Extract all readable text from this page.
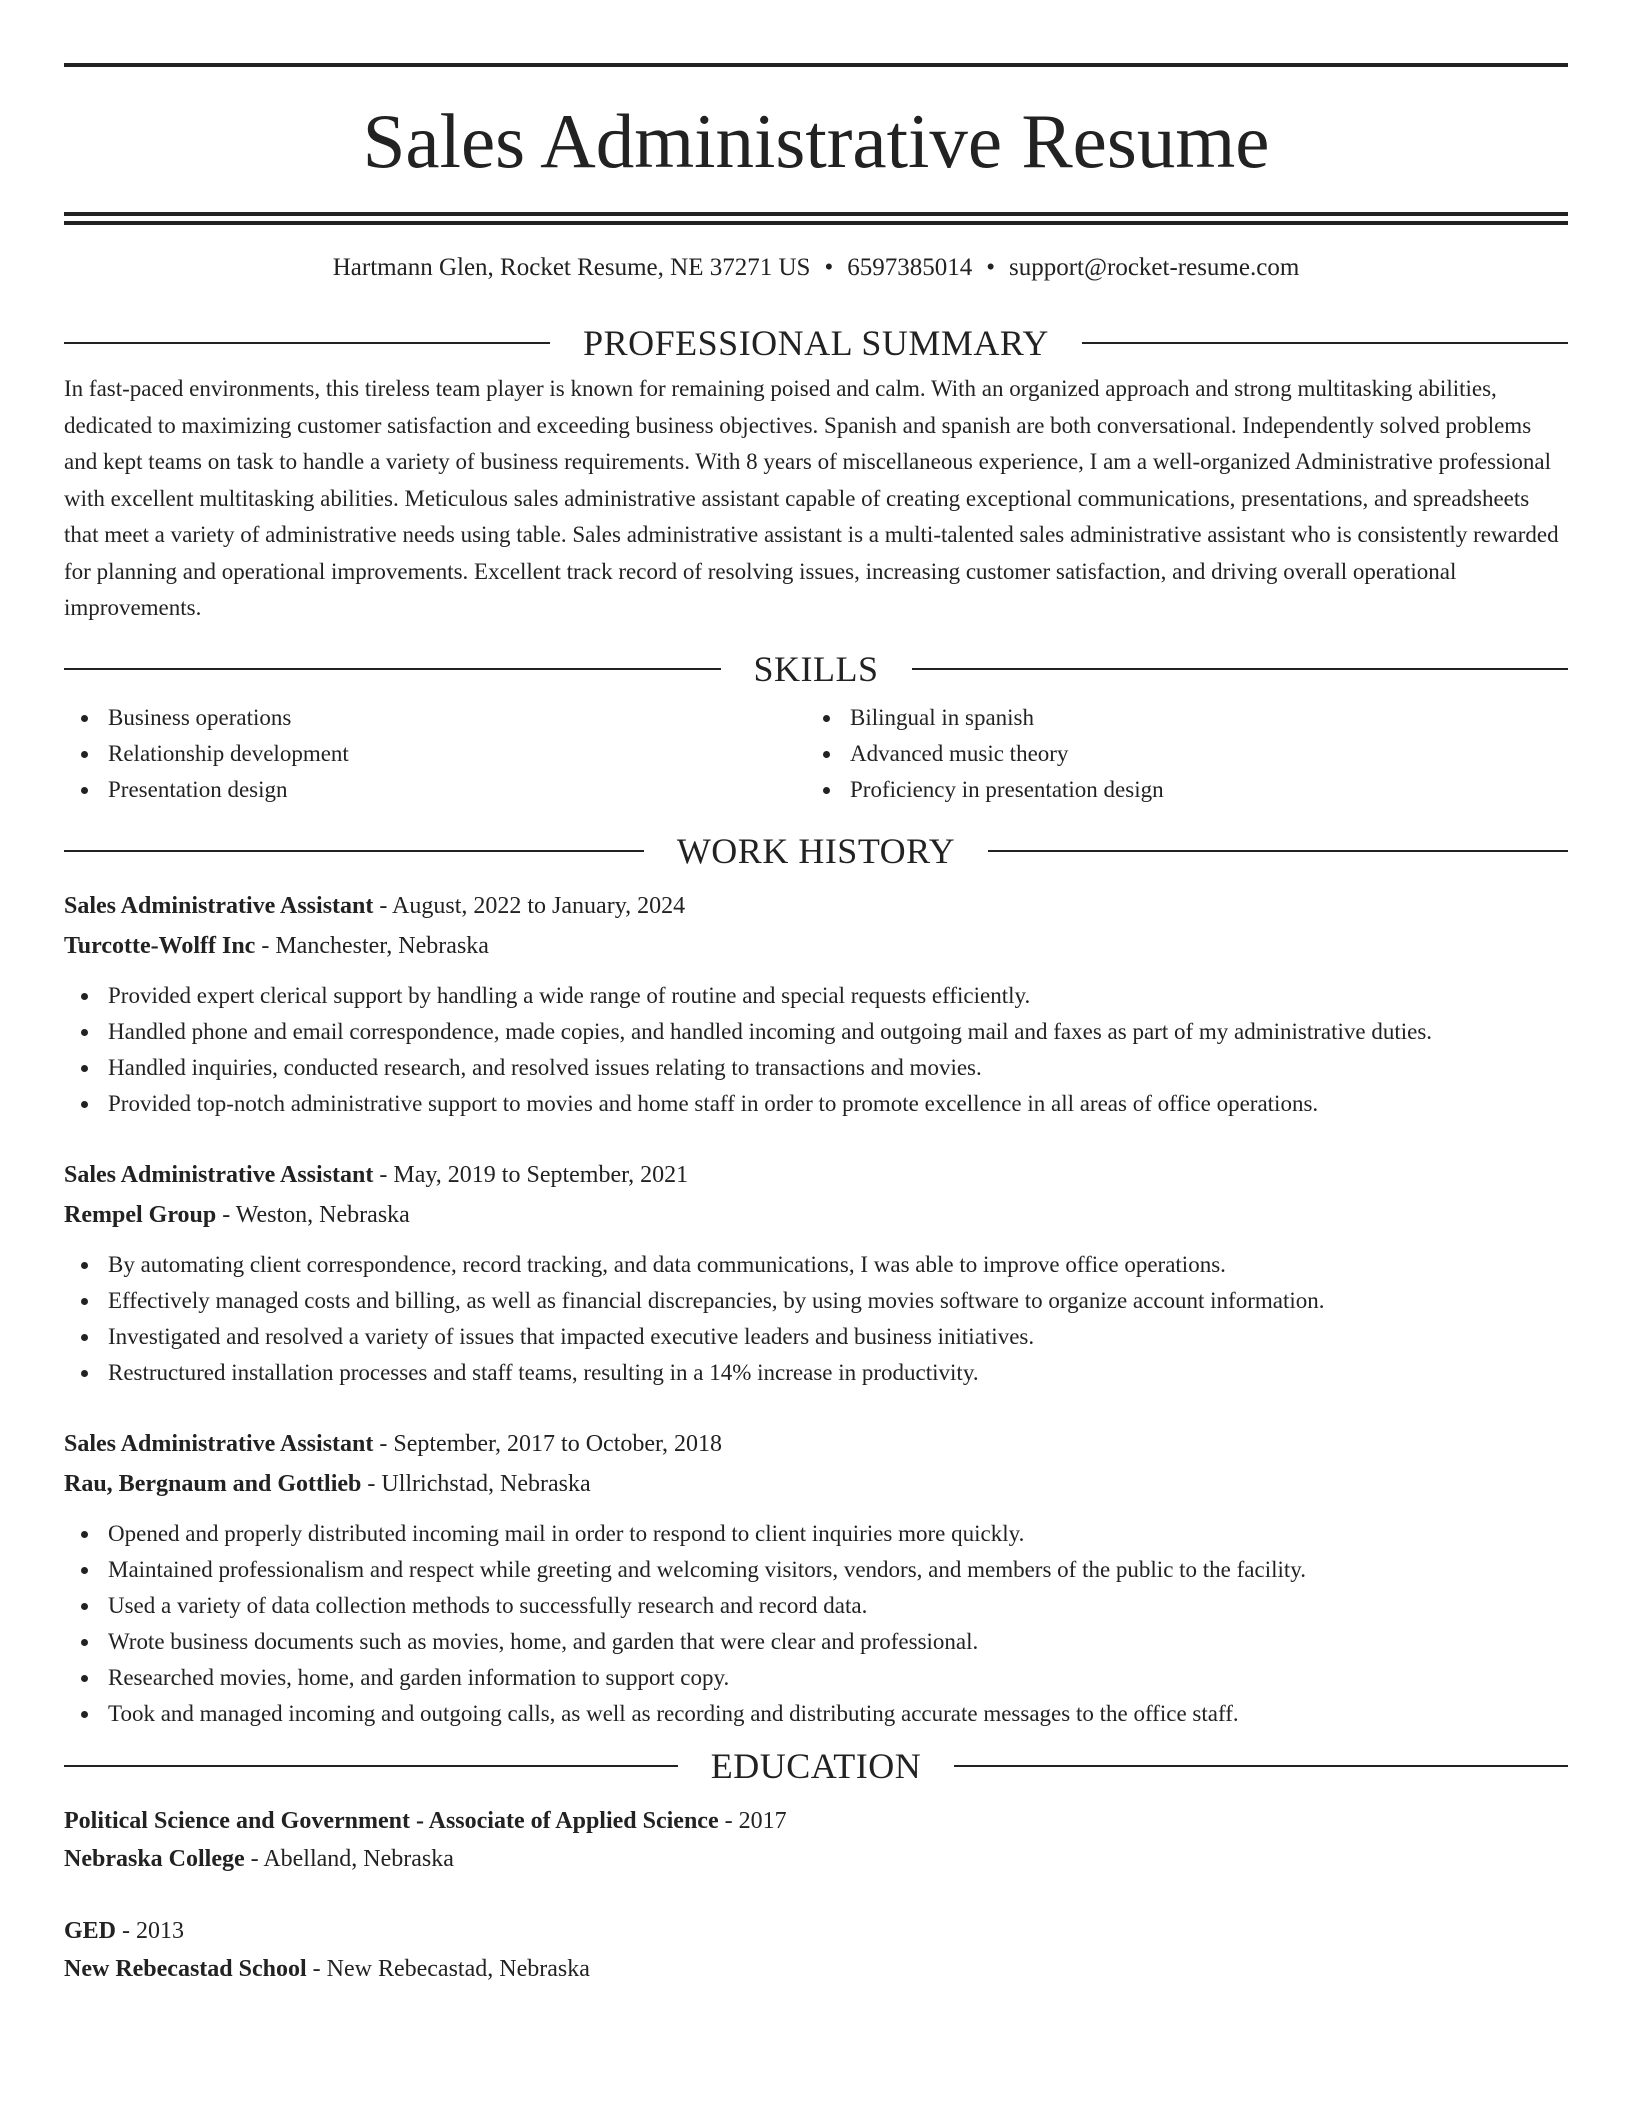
Sales Administrative Resume
Hartmann Glen, Rocket Resume, NE 37271 US • 6597385014 • support@rocket-resume.com
PROFESSIONAL SUMMARY
In fast-paced environments, this tireless team player is known for remaining poised and calm. With an organized approach and strong multitasking abilities, dedicated to maximizing customer satisfaction and exceeding business objectives. Spanish and spanish are both conversational. Independently solved problems and kept teams on task to handle a variety of business requirements. With 8 years of miscellaneous experience, I am a well-organized Administrative professional with excellent multitasking abilities. Meticulous sales administrative assistant capable of creating exceptional communications, presentations, and spreadsheets that meet a variety of administrative needs using table. Sales administrative assistant is a multi-talented sales administrative assistant who is consistently rewarded for planning and operational improvements. Excellent track record of resolving issues, increasing customer satisfaction, and driving overall operational improvements.
SKILLS
Business operations
Relationship development
Presentation design
Bilingual in spanish
Advanced music theory
Proficiency in presentation design
WORK HISTORY
Sales Administrative Assistant - August, 2022 to January, 2024
Turcotte-Wolff Inc - Manchester, Nebraska
Provided expert clerical support by handling a wide range of routine and special requests efficiently.
Handled phone and email correspondence, made copies, and handled incoming and outgoing mail and faxes as part of my administrative duties.
Handled inquiries, conducted research, and resolved issues relating to transactions and movies.
Provided top-notch administrative support to movies and home staff in order to promote excellence in all areas of office operations.
Sales Administrative Assistant - May, 2019 to September, 2021
Rempel Group - Weston, Nebraska
By automating client correspondence, record tracking, and data communications, I was able to improve office operations.
Effectively managed costs and billing, as well as financial discrepancies, by using movies software to organize account information.
Investigated and resolved a variety of issues that impacted executive leaders and business initiatives.
Restructured installation processes and staff teams, resulting in a 14% increase in productivity.
Sales Administrative Assistant - September, 2017 to October, 2018
Rau, Bergnaum and Gottlieb - Ullrichstad, Nebraska
Opened and properly distributed incoming mail in order to respond to client inquiries more quickly.
Maintained professionalism and respect while greeting and welcoming visitors, vendors, and members of the public to the facility.
Used a variety of data collection methods to successfully research and record data.
Wrote business documents such as movies, home, and garden that were clear and professional.
Researched movies, home, and garden information to support copy.
Took and managed incoming and outgoing calls, as well as recording and distributing accurate messages to the office staff.
EDUCATION
Political Science and Government - Associate of Applied Science - 2017
Nebraska College - Abelland, Nebraska
GED - 2013
New Rebecastad School - New Rebecastad, Nebraska
